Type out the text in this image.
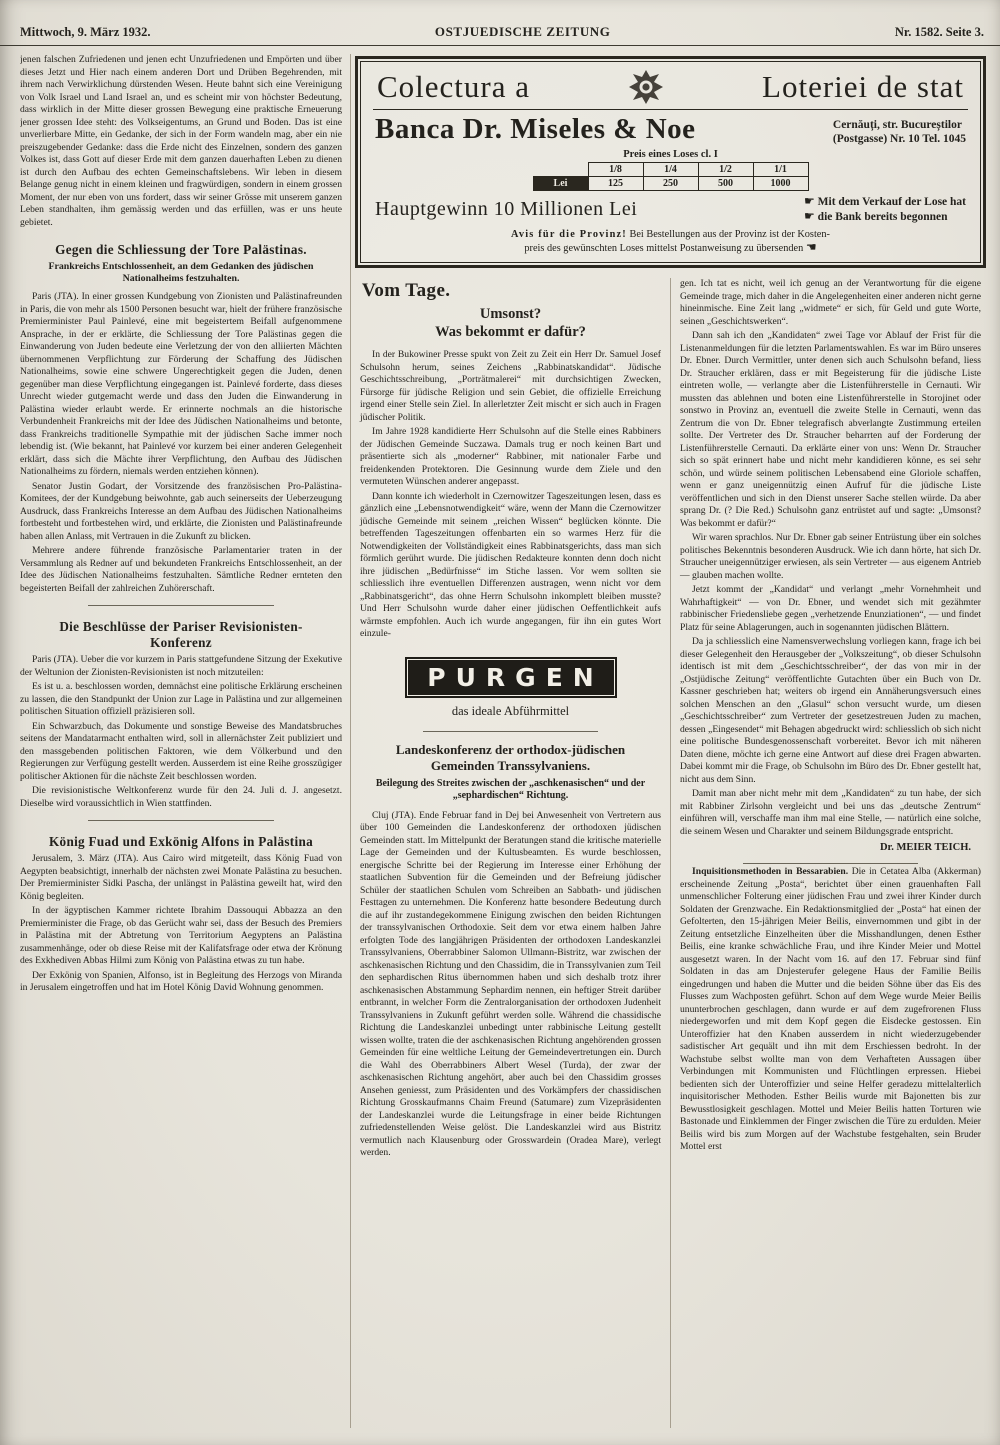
Mittwoch, 9. März 1932.	OSTJUEDISCHE ZEITUNG	Nr. 1582. Seite 3.

jenen falschen Zufriedenen und jenen echt Unzufriedenen und Empörten und über dieses Jetzt und Hier nach einem anderen Dort und Drüben Begehrenden, mit ihrem nach Verwirklichung dürstenden Wesen. Heute bahnt sich eine Vereinigung von Volk Israel und Land Israel an, und es scheint mir von höchster Bedeutung, dass wirklich in der Mitte dieser grossen Bewegung eine praktische Erneuerung jener grossen Idee steht: des Volkseigentums, an Grund und Boden. Das ist eine unverlierbare Mitte, ein Gedanke, der sich in der Form wandeln mag, aber ein nie preiszugebender Gedanke: dass die Erde nicht des Einzelnen, sondern des ganzen Volkes ist, dass Gott auf dieser Erde mit dem ganzen dauerhaften Leben zu dienen ist durch den Aufbau des echten Gemeinschaftslebens. Wir leben in diesem Belange genug nicht in einem kleinen und fragwürdigen, sondern in einem grossen Moment, der nur eben von uns fordert, dass wir seiner Grösse mit unserem ganzen Leben standhalten, ihm gemässig werden und das erfüllen, was er uns heute gebietet.

Gegen die Schliessung der Tore Palästinas.
Frankreichs Entschlossenheit, an dem Gedanken des jüdischen Nationalheims festzuhalten.

Paris (JTA). In einer grossen Kundgebung von Zionisten und Palästinafreunden in Paris, die von mehr als 1500 Personen besucht war, hielt der frühere französische Premierminister Paul Painlevé, eine mit begeistertem Beifall aufgenommene Ansprache, in der er erklärte, die Schliessung der Tore Palästinas gegen die Einwanderung von Juden bedeute eine Verletzung der von den alliierten Mächten übernommenen Verpflichtung zur Förderung der Schaffung des Jüdischen Nationalheims, sowie eine schwere Ungerechtigkeit gegen die Juden, denen gegenüber man diese Verpflichtung eingegangen ist. Painlevé forderte, dass dieses Unrecht wieder gutgemacht werde und dass den Juden die Einwanderung in Palästina wieder erlaubt werde. Er erinnerte nochmals an die historische Verbundenheit Frankreichs mit der Idee des Jüdischen Nationalheims und betonte, dass Frankreichs traditionelle Sympathie mit der jüdischen Sache immer noch lebendig ist. (Wie bekannt, hat Painlevé vor kurzem bei einer anderen Gelegenheit erklärt, dass sich die Mächte ihrer Verpflichtung, den Aufbau des Jüdischen Nationalheims zu fördern, niemals werden entziehen können).

Senator Justin Godart, der Vorsitzende des französischen Pro-Palästina-Komitees, der der Kundgebung beiwohnte, gab auch seinerseits der Ueberzeugung Ausdruck, dass Frankreichs Interesse an dem Aufbau des Jüdischen Nationalheims fortbesteht und fortbestehen wird, und erklärte, die Zionisten und Palästinafreunde haben allen Anlass, mit Vertrauen in die Zukunft zu blicken.

Mehrere andere führende französische Parlamentarier traten in der Versammlung als Redner auf und bekundeten Frankreichs Entschlossenheit, an der Idee des Jüdischen Nationalheims festzuhalten. Sämtliche Redner ernteten den begeisterten Beifall der zahlreichen Zuhörerschaft.

Die Beschlüsse der Pariser Revisionisten-Konferenz

Paris (JTA). Ueber die vor kurzem in Paris stattgefundene Sitzung der Exekutive der Weltunion der Zionisten-Revisionisten ist noch mitzuteilen:

Es ist u. a. beschlossen worden, demnächst eine politische Erklärung erscheinen zu lassen, die den Standpunkt der Union zur Lage in Palästina und zur allgemeinen politischen Situation offiziell präzisieren soll.

Ein Schwarzbuch, das Dokumente und sonstige Beweise des Mandatsbruches seitens der Mandatarmacht enthalten wird, soll in allernächster Zeit publiziert und den massgebenden politischen Faktoren, wie dem Völkerbund und den Regierungen zur Verfügung gestellt werden. Ausserdem ist eine Reihe grosszügiger politischer Aktionen für die nächste Zeit beschlossen worden.

Die revisionistische Weltkonferenz wurde für den 24. Juli d. J. angesetzt. Dieselbe wird voraussichtlich in Wien stattfinden.

König Fuad und Exkönig Alfons in Palästina

Jerusalem, 3. März (JTA). Aus Cairo wird mitgeteilt, dass König Fuad von Aegypten beabsichtigt, innerhalb der nächsten zwei Monate Palästina zu besuchen. Der Premierminister Sidki Pascha, der unlängst in Palästina geweilt hat, wird den König begleiten.

In der ägyptischen Kammer richtete Ibrahim Dassouqui Abbazza an den Premierminister die Frage, ob das Gerücht wahr sei, dass der Besuch des Premiers in Palästina mit der Abtretung von Territorium Aegyptens an Palästina zusammenhänge, oder ob diese Reise mit der Kalifatsfrage oder etwa der Krönung des Exkhediven Abbas Hilmi zum König von Palästina etwas zu tun habe.

Der Exkönig von Spanien, Alfonso, ist in Begleitung des Herzogs von Miranda in Jerusalem eingetroffen und hat im Hotel König David Wohnung genommen.

Colectura a	Loteriei de stat
Banca Dr. Miseles & Noe	Cernăuți, str. Bucureștilor
(Postgasse) Nr. 10 Tel. 1045
Preis eines Loses cl. I
	1/8	1/4	1/2	1/1
Lei	125	250	500	1000
Hauptgewinn 10 Millionen Lei	☛ Mit dem Verkauf der Lose hat
☛ die Bank bereits begonnen
Avis für die Provinz! Bei Bestellungen aus der Provinz ist der Kosten-
preis des gewünschten Loses mittelst Postanweisung zu übersenden ☚
Vom Tage.
Umsonst?
Was bekommt er dafür?

In der Bukowiner Presse spukt von Zeit zu Zeit ein Herr Dr. Samuel Josef Schulsohn herum, seines Zeichens „Rabbinatskandidat“. Jüdische Geschichtsschreibung, „Porträtmalerei“ mit durchsichtigen Zwecken, Fürsorge für jüdische Religion und sein Gebiet, die offizielle Erreichung irgend einer Stelle sein Ziel. In allerletzter Zeit mischt er sich auch in Fragen jüdischer Politik.

Im Jahre 1928 kandidierte Herr Schulsohn auf die Stelle eines Rabbiners der Jüdischen Gemeinde Suczawa. Damals trug er noch keinen Bart und präsentierte sich als „moderner“ Rabbiner, mit nationaler Farbe und freidenkenden Protektoren. Die Gesinnung wurde dem Ziele und den vermuteten Wünschen anderer angepasst.

Dann konnte ich wiederholt in Czernowitzer Tageszeitungen lesen, dass es gänzlich eine „Lebensnotwendigkeit“ wäre, wenn der Mann die Czernowitzer jüdische Gemeinde mit seinem „reichen Wissen“ beglücken könnte. Die betreffenden Tageszeitungen offenbarten ein so warmes Herz für die Notwendigkeiten der Vollständigkeit eines Rabbinatsgerichts, dass man sich förmlich gerührt wurde. Die jüdischen Redakteure konnten denn doch nicht ihre jüdischen „Bedürfnisse“ im Stiche lassen. Vor wem sollten sie schliesslich ihre eventuellen Differenzen austragen, wenn nicht vor dem „Rabbinatsgericht“, das ohne Herrn Schulsohn inkomplett bleiben musste? Und Herr Schulsohn wurde daher einer jüdischen Oeffentlichkeit aufs wärmste empfohlen. Auch ich wurde angegangen, für ihn ein gutes Wort einzule-

PURGEN
das ideale Abführmittel
Landeskonferenz der orthodox-jüdischen Gemeinden Transsylvaniens.
Beilegung des Streites zwischen der „aschkenasischen“ und der „sephardischen“ Richtung.

Cluj (JTA). Ende Februar fand in Dej bei Anwesenheit von Vertretern aus über 100 Gemeinden die Landeskonferenz der orthodoxen jüdischen Gemeinden statt. Im Mittelpunkt der Beratungen stand die kritische materielle Lage der Gemeinden und der Kultusbeamten. Es wurde beschlossen, energische Schritte bei der Regierung im Interesse einer Erhöhung der staatlichen Subvention für die Gemeinden und der Befreiung jüdischer Schüler der staatlichen Schulen vom Schreiben an Sabbath- und jüdischen Festtagen zu unternehmen. Die Konferenz hatte besondere Bedeutung durch die auf ihr zustandegekommene Einigung zwischen den beiden Richtungen der transsylvanischen Orthodoxie. Seit dem vor etwa einem halben Jahre erfolgten Tode des langjährigen Präsidenten der orthodoxen Landeskanzlei Transsylvaniens, Oberrabbiner Salomon Ullmann-Bistritz, war zwischen der aschkenasischen Richtung und den Chassidim, die in Transsylvanien zum Teil den sephardischen Ritus übernommen haben und sich deshalb trotz ihrer aschkenasischen Abstammung Sephardim nennen, ein heftiger Streit darüber entbrannt, in welcher Form die Zentralorganisation der orthodoxen Judenheit Transsylvaniens in Zukunft geführt werden solle. Während die chassidische Richtung die Landeskanzlei unbedingt unter rabbinische Leitung gestellt wissen wollte, traten die der aschkenasischen Richtung angehörenden grossen Gemeinden für eine weltliche Leitung der Gemeindevertretungen ein. Durch die Wahl des Oberrabbiners Albert Wesel (Turda), der zwar der aschkenasischen Richtung angehört, aber auch bei den Chassidim grosses Ansehen geniesst, zum Präsidenten und des Vorkämpfers der chassidischen Richtung Grosskaufmanns Chaim Freund (Satumare) zum Vizepräsidenten der Landeskanzlei wurde die Leitungsfrage in einer beide Richtungen zufriedenstellenden Weise gelöst. Die Landeskanzlei wird aus Bistritz vermutlich nach Klausenburg oder Grosswardein (Oradea Mare), verlegt werden.

gen. Ich tat es nicht, weil ich genug an der Verantwortung für die eigene Gemeinde trage, mich daher in die Angelegenheiten einer anderen nicht gerne hineinmische. Eine Zeit lang „widmete“ er sich, für Geld und gute Worte, seinen „Geschichtswerken“.

Dann sah ich den „Kandidaten“ zwei Tage vor Ablauf der Frist für die Listenanmeldungen für die letzten Parlamentswahlen. Es war im Büro unseres Dr. Ebner. Durch Vermittler, unter denen sich auch Schulsohn befand, liess Dr. Straucher erklären, dass er mit Begeisterung für die jüdische Liste eintreten wolle, — verlangte aber die Listenführerstelle in Cernauti. Wir mussten das ablehnen und boten eine Listenführerstelle in Storojinet oder sonstwo in Provinz an, eventuell die zweite Stelle in Cernauti, wenn das Zentrum die von Dr. Ebner telegrafisch abverlangte Zustimmung erteilen sollte. Der Vertreter des Dr. Straucher beharrten auf der Forderung der Listenführerstelle Cernauti. Da erklärte einer von uns: Wenn Dr. Straucher sich so spät erinnert habe und nicht mehr kandidieren könne, es sei sehr schön, und würde seinem politischen Lebensabend eine Gloriole schaffen, wenn er ganz uneigennützig einen Aufruf für die jüdische Liste veröffentlichen und sich in den Dienst unserer Sache stellen würde. Da aber sprang Dr. (? Die Red.) Schulsohn ganz entrüstet auf und sagte: „Umsonst? Was bekommt er dafür?“

Wir waren sprachlos. Nur Dr. Ebner gab seiner Entrüstung über ein solches politisches Bekenntnis besonderen Ausdruck. Wie ich dann hörte, hat sich Dr. Straucher uneigennütziger erwiesen, als sein Vertreter — aus eigenem Antrieb — glauben machen wollte.

Jetzt kommt der „Kandidat“ und verlangt „mehr Vornehmheit und Wahrhaftigkeit“ — von Dr. Ebner, und wendet sich mit gezähmter rabbinischer Friedensliebe gegen „verhetzende Enunziationen“, — und findet Platz für seine Ablagerungen, auch in sogenannten jüdischen Blättern.

Da ja schliesslich eine Namensverwechslung vorliegen kann, frage ich bei dieser Gelegenheit den Herausgeber der „Volkszeitung“, ob dieser Schulsohn identisch ist mit dem „Geschichtsschreiber“, der das von mir in der „Ostjüdische Zeitung“ veröffentlichte Gutachten über ein Buch von Dr. Kassner geschrieben hat; weiters ob irgend ein Annäherungsversuch eines solchen Menschen an den „Glasul“ schon versucht wurde, um diesen „Geschichtsschreiber“ zum Vertreter der gesetzestreuen Juden zu machen, dessen „Eingesendet“ mit Behagen abgedruckt wird: schliesslich ob sich nicht eine politische Bundesgenossenschaft vorbereitet. Bevor ich mit näheren Daten diene, möchte ich gerne eine Antwort auf diese drei Fragen abwarten. Dabei kommt mir die Frage, ob Schulsohn im Büro des Dr. Ebner gestellt hat, nicht aus dem Sinn.

Damit man aber nicht mehr mit dem „Kandidaten“ zu tun habe, der sich mit Rabbiner Zirlsohn vergleicht und bei uns das „deutsche Zentrum“ einführen will, verschaffe man ihm mal eine Stelle, — natürlich eine solche, die seinem Wesen und Charakter und seinem Bildungsgrade entspricht.

Dr. MEIER TEICH.

Inquisitionsmethoden in Bessarabien. Die in Cetatea Alba (Akkerman) erscheinende Zeitung „Posta“, berichtet über einen grauenhaften Fall unmenschlicher Folterung einer jüdischen Frau und zwei ihrer Kinder durch Soldaten der Grenzwache. Ein Redaktionsmitglied der „Posta“ hat einen der Gefolterten, den 15-jährigen Meier Beilis, einvernommen und gibt in der Zeitung entsetzliche Einzelheiten über die Misshandlungen, denen Esther Beilis, eine kranke schwächliche Frau, und ihre Kinder Meier und Mottel ausgesetzt waren. In der Nacht vom 16. auf den 17. Februar sind fünf Soldaten in das am Dnjesterufer gelegene Haus der Familie Beilis eingedrungen und haben die Mutter und die beiden Söhne über das Eis des Flusses zum Wachposten geführt. Schon auf dem Wege wurde Meier Beilis ununterbrochen geschlagen, dann wurde er auf dem zugefrorenen Fluss niedergeworfen und mit dem Kopf gegen die Eisdecke gestossen. Ein Unteroffizier hat den Knaben ausserdem in nicht wiederzugebender sadistischer Art gequält und ihn mit dem Erschiessen bedroht. In der Wachstube selbst wollte man von dem Verhafteten Aussagen über Verbindungen mit Kommunisten und Flüchtlingen erpressen. Hiebei bedienten sich der Unteroffizier und seine Helfer geradezu mittelalterlich inquisitorischer Methoden. Esther Beilis wurde mit Bajonetten bis zur Bewusstlosigkeit geschlagen. Mottel und Meier Beilis hatten Torturen wie Bastonade und Einklemmen der Finger zwischen die Türe zu erdulden. Meier Beilis wird bis zum Morgen auf der Wachstube festgehalten, sein Bruder Mottel erst
